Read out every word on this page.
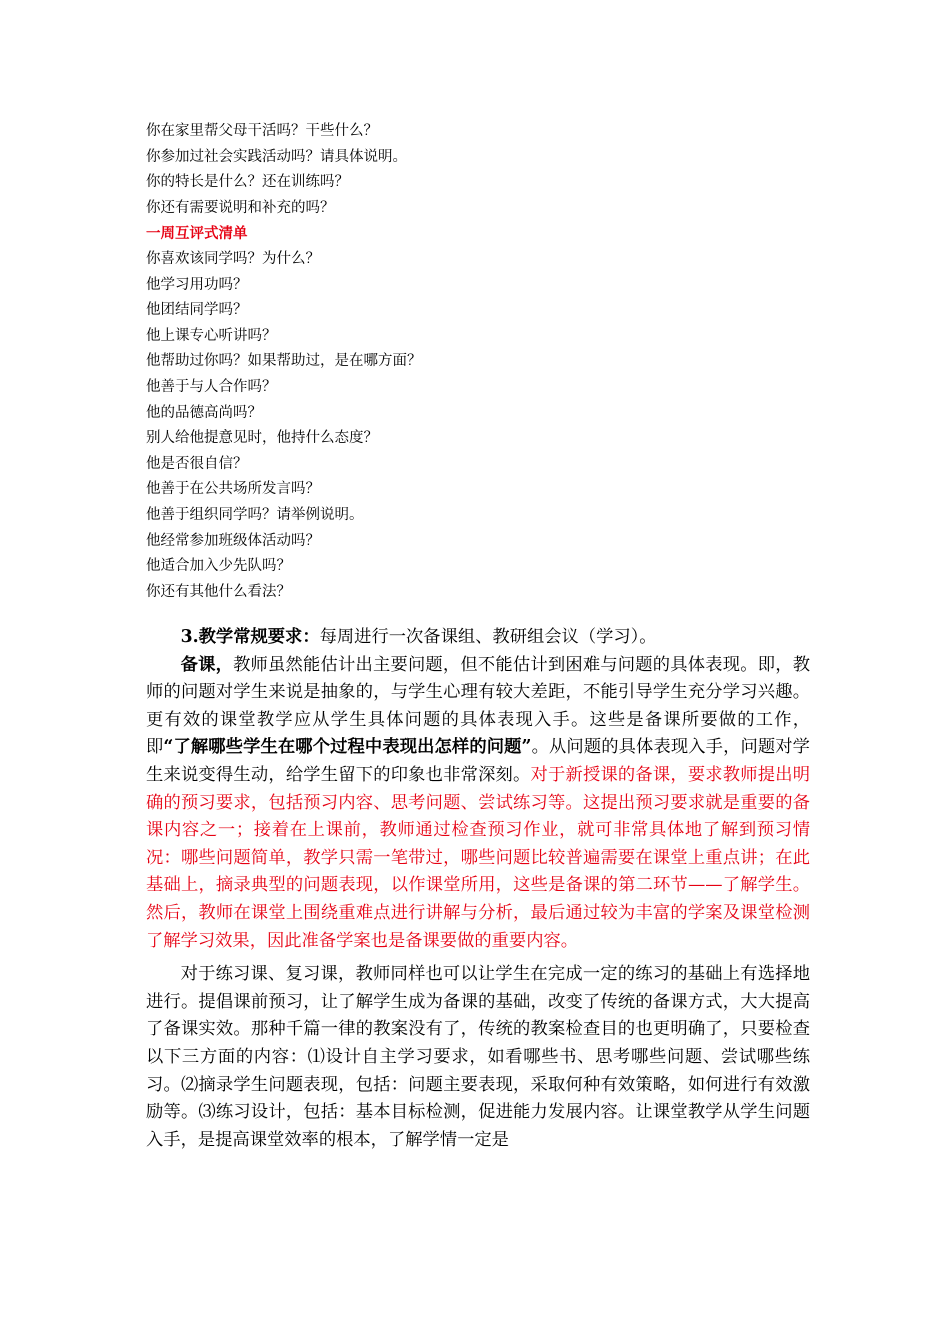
你在家里帮父母干活吗？干些什么？
你参加过社会实践活动吗？请具体说明。
你的特长是什么？还在训练吗？
你还有需要说明和补充的吗？
一周互评式清单
你喜欢该同学吗？为什么？
他学习用功吗？
他团结同学吗？
他上课专心听讲吗？
他帮助过你吗？如果帮助过，是在哪方面？
他善于与人合作吗？
他的品德高尚吗？
别人给他提意见时，他持什么态度？
他是否很自信？
他善于在公共场所发言吗？
他善于组织同学吗？请举例说明。
他经常参加班级体活动吗？
他适合加入少先队吗？
你还有其他什么看法？

3.教学常规要求：每周进行一次备课组、教研组会议（学习）。

备课，教师虽然能估计出主要问题，但不能估计到困难与问题的具体表现。即，教师的问题对学生来说是抽象的，与学生心理有较大差距，不能引导学生充分学习兴趣。更有效的课堂教学应从学生具体问题的具体表现入手。这些是备课所要做的工作，即“了解哪些学生在哪个过程中表现出怎样的问题”。从问题的具体表现入手，问题对学生来说变得生动，给学生留下的印象也非常深刻。对于新授课的备课，要求教师提出明确的预习要求，包括预习内容、思考问题、尝试练习等。这提出预习要求就是重要的备课内容之一；接着在上课前，教师通过检查预习作业，就可非常具体地了解到预习情况：哪些问题简单，教学只需一笔带过，哪些问题比较普遍需要在课堂上重点讲；在此基础上，摘录典型的问题表现，以作课堂所用，这些是备课的第二环节——了解学生。然后，教师在课堂上围绕重难点进行讲解与分析，最后通过较为丰富的学案及课堂检测了解学习效果，因此准备学案也是备课要做的重要内容。

对于练习课、复习课，教师同样也可以让学生在完成一定的练习的基础上有选择地进行。提倡课前预习，让了解学生成为备课的基础，改变了传统的备课方式，大大提高了备课实效。那种千篇一律的教案没有了，传统的教案检查目的也更明确了，只要检查以下三方面的内容：⑴设计自主学习要求，如看哪些书、思考哪些问题、尝试哪些练习。⑵摘录学生问题表现，包括：问题主要表现，采取何种有效策略，如何进行有效激励等。⑶练习设计，包括：基本目标检测，促进能力发展内容。让课堂教学从学生问题入手，是提高课堂效率的根本，了解学情一定是
